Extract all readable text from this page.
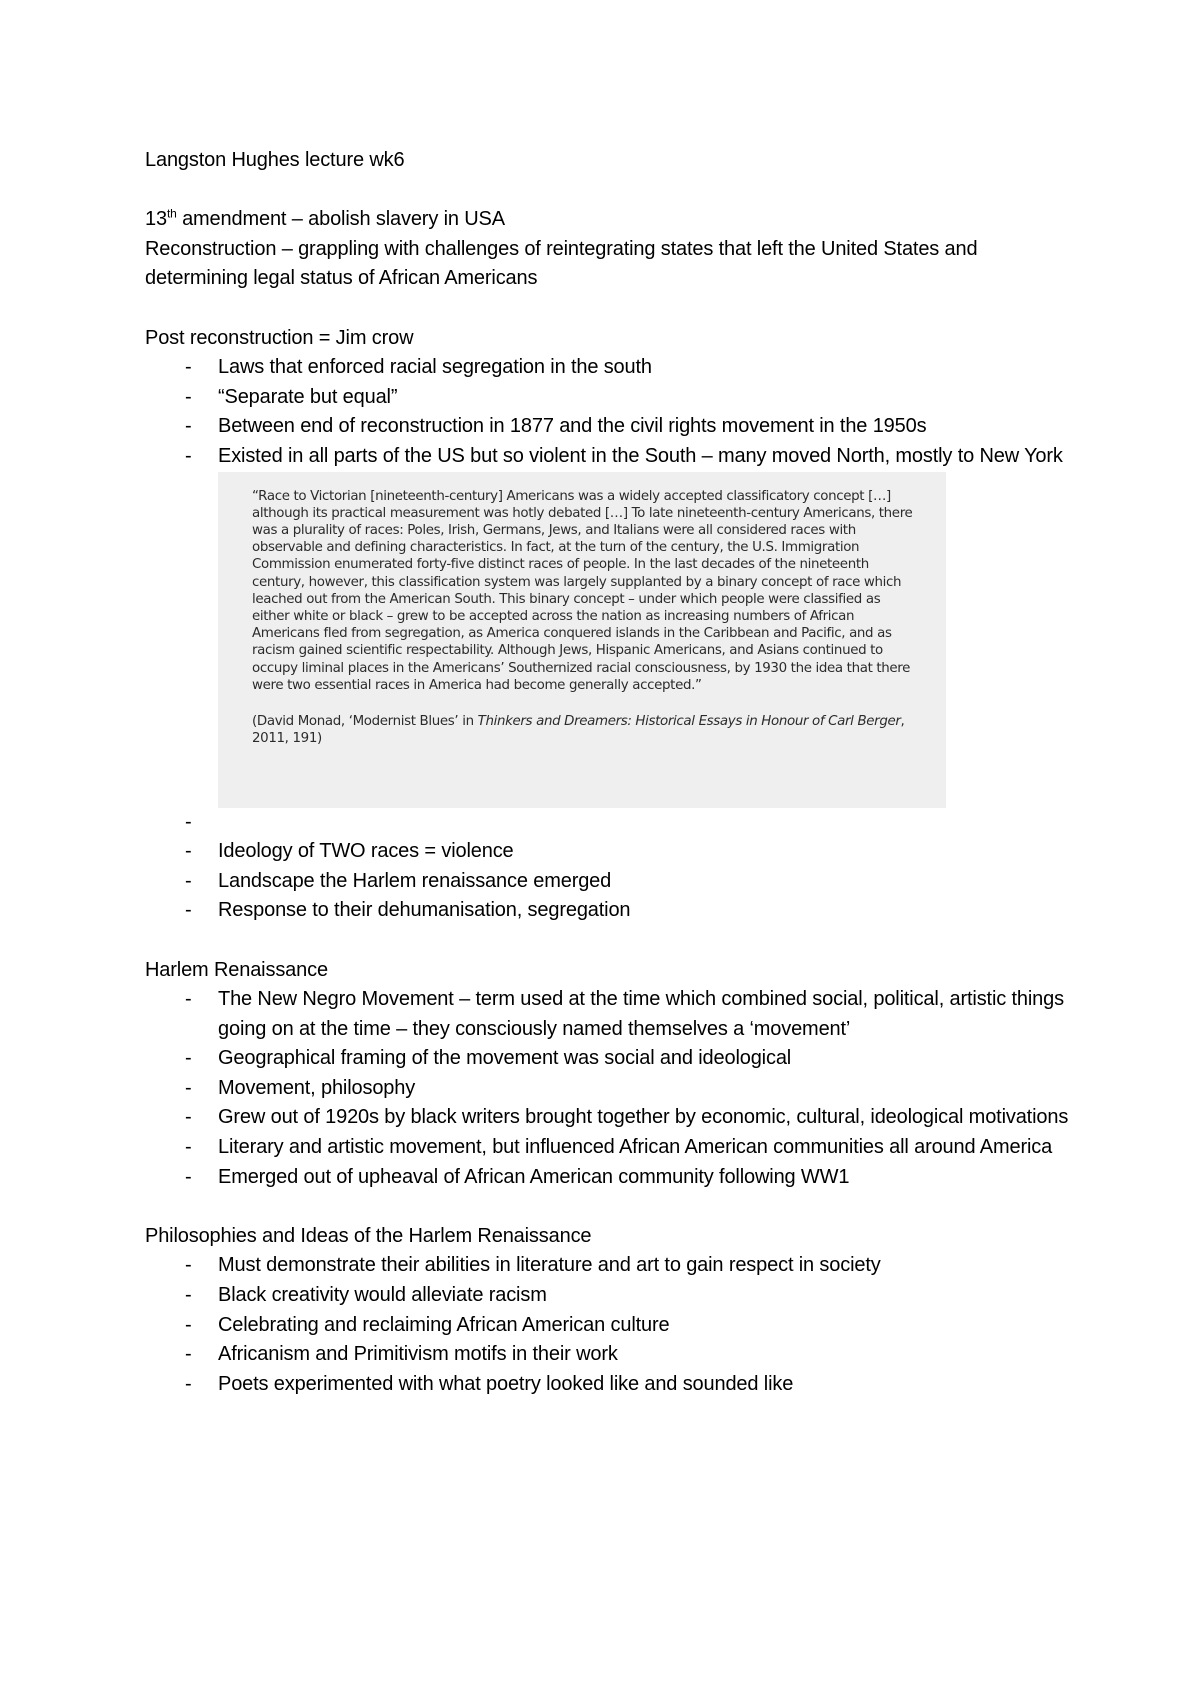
Langston Hughes lecture wk6

13th amendment – abolish slavery in USA

Reconstruction – grappling with challenges of reintegrating states that left the United States and determining legal status of African Americans

Post reconstruction = Jim crow

- Laws that enforced racial segregation in the south
- “Separate but equal”
- Between end of reconstruction in 1877 and the civil rights movement in the 1950s
- Existed in all parts of the US but so violent in the South – many moved North, mostly to New York

“Race to Victorian [nineteenth-century] Americans was a widely accepted classificatory concept […] although its practical measurement was hotly debated […] To late nineteenth-century Americans, there was a plurality of races: Poles, Irish, Germans, Jews, and Italians were all considered races with observable and defining characteristics. In fact, at the turn of the century, the U.S. Immigration Commission enumerated forty-five distinct races of people. In the last decades of the nineteenth century, however, this classification system was largely supplanted by a binary concept of race which leached out from the American South. This binary concept – under which people were classified as either white or black – grew to be accepted across the nation as increasing numbers of African Americans fled from segregation, as America conquered islands in the Caribbean and Pacific, and as racism gained scientific respectability. Although Jews, Hispanic Americans, and Asians continued to occupy liminal places in the Americans’ Southernized racial consciousness, by 1930 the idea that there were two essential races in America had become generally accepted.”

(David Monad, ‘Modernist Blues’ in Thinkers and Dreamers: Historical Essays in Honour of Carl Berger, 2011, 191)

-
- Ideology of TWO races = violence
- Landscape the Harlem renaissance emerged
- Response to their dehumanisation, segregation

Harlem Renaissance

- The New Negro Movement – term used at the time which combined social, political, artistic things going on at the time – they consciously named themselves a ‘movement’
- Geographical framing of the movement was social and ideological
- Movement, philosophy
- Grew out of 1920s by black writers brought together by economic, cultural, ideological motivations
- Literary and artistic movement, but influenced African American communities all around America
- Emerged out of upheaval of African American community following WW1

Philosophies and Ideas of the Harlem Renaissance

- Must demonstrate their abilities in literature and art to gain respect in society
- Black creativity would alleviate racism
- Celebrating and reclaiming African American culture
- Africanism and Primitivism motifs in their work
- Poets experimented with what poetry looked like and sounded like
